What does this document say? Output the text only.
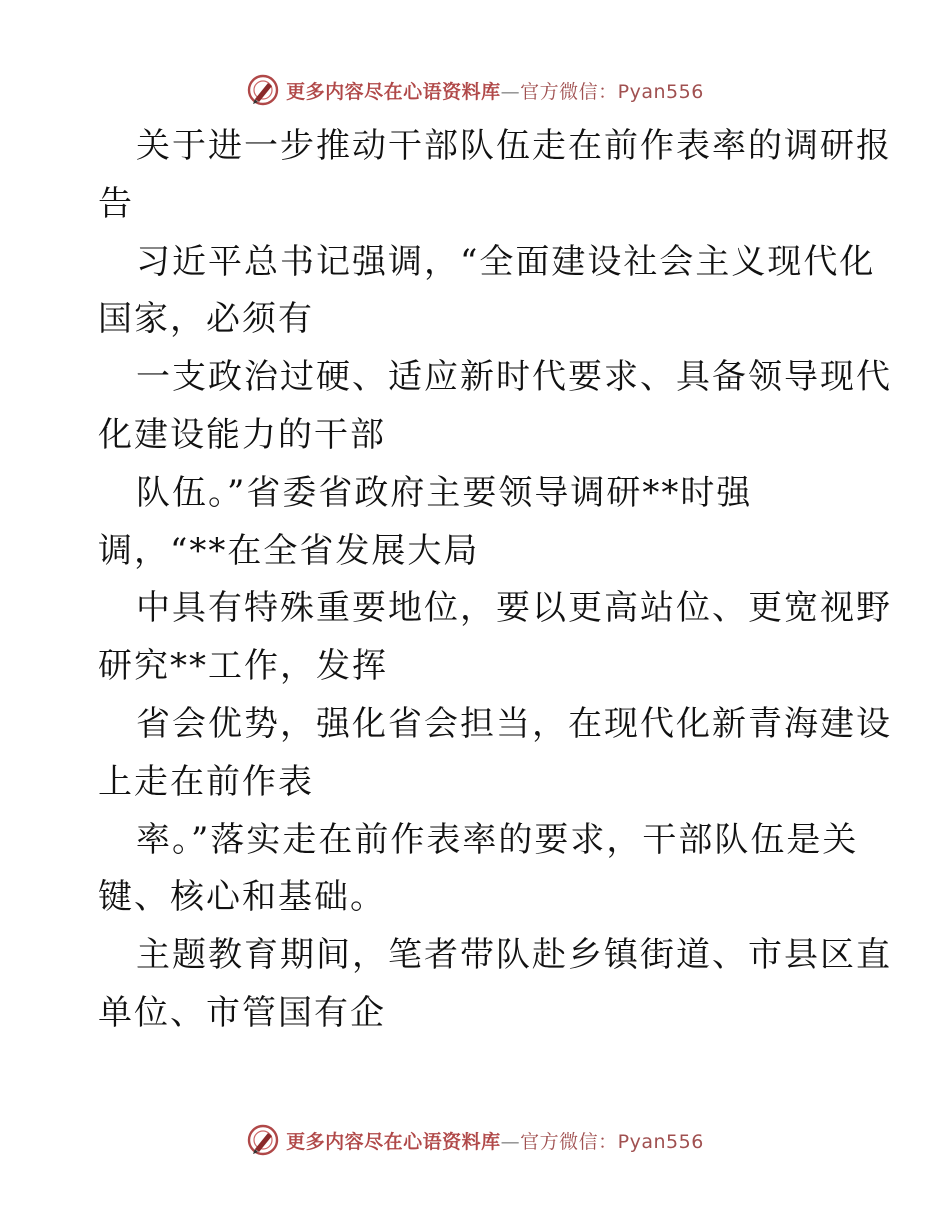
更多内容尽在心语资料库—官方微信：Pyan556
关于进一步推动干部队伍走在前作表率的调研报
告
习近平总书记强调，“全面建设社会主义现代化
国家，必须有
一支政治过硬、适应新时代要求、具备领导现代
化建设能力的干部
队伍。”省委省政府主要领导调研**时强
调，“**在全省发展大局
中具有特殊重要地位，要以更高站位、更宽视野
研究**工作，发挥
省会优势，强化省会担当，在现代化新青海建设
上走在前作表
率。”落实走在前作表率的要求，干部队伍是关
键、核心和基础。
主题教育期间，笔者带队赴乡镇街道、市县区直
单位、市管国有企
更多内容尽在心语资料库—官方微信：Pyan556
